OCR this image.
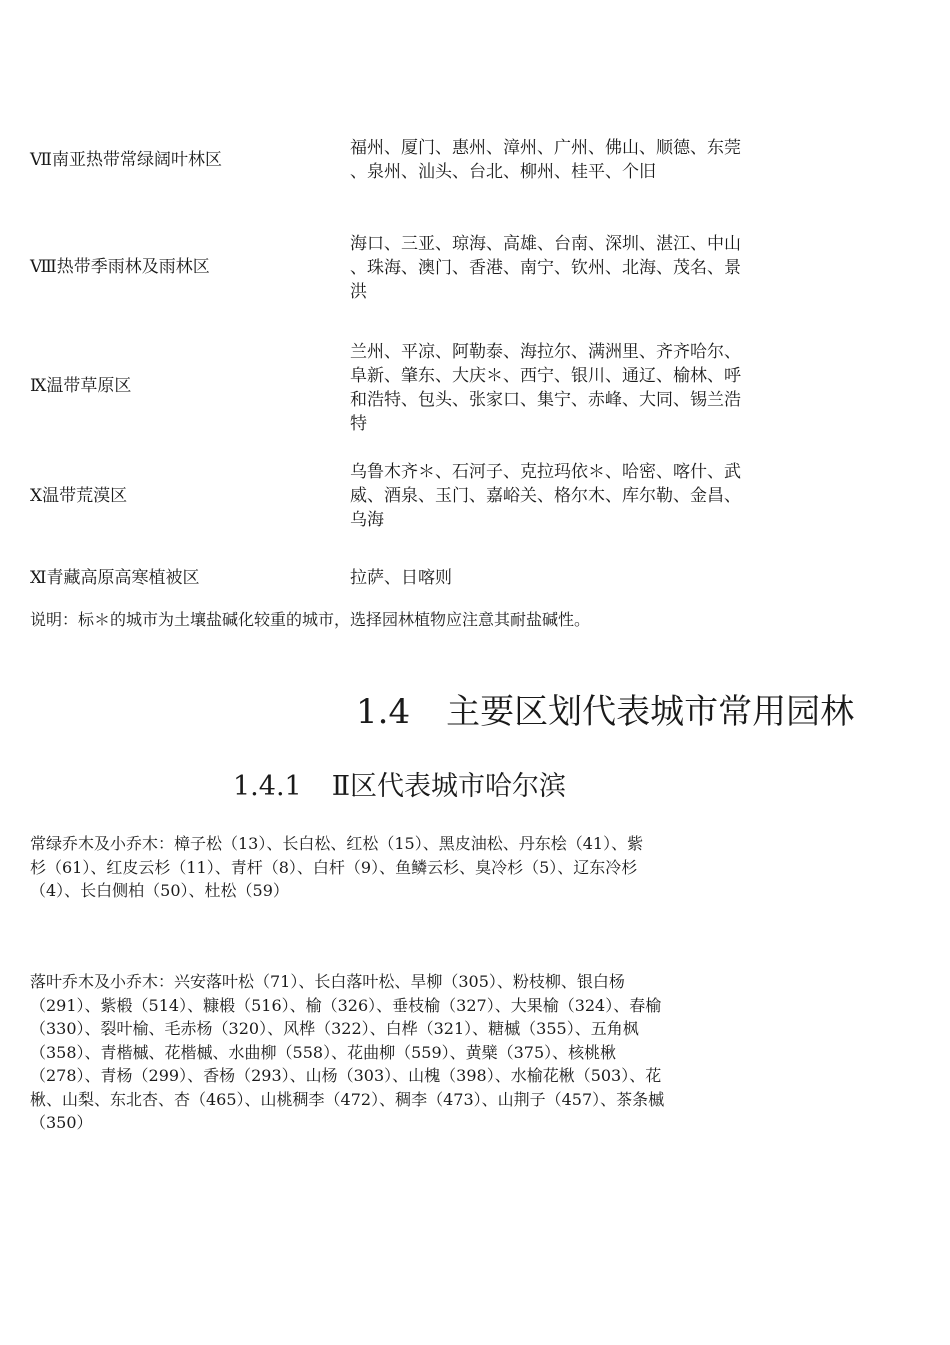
Ⅶ南亚热带常绿阔叶林区
福州、厦门、惠州、漳州、广州、佛山、顺德、东莞
、泉州、汕头、台北、柳州、桂平、个旧
Ⅷ热带季雨林及雨林区
海口、三亚、琼海、高雄、台南、深圳、湛江、中山
、珠海、澳门、香港、南宁、钦州、北海、茂名、景
洪
Ⅸ温带草原区
兰州、平凉、阿勒泰、海拉尔、满洲里、齐齐哈尔、
阜新、肇东、大庆＊、西宁、银川、通辽、榆林、呼
和浩特、包头、张家口、集宁、赤峰、大同、锡兰浩
特
Ⅹ温带荒漠区
乌鲁木齐＊、石河子、克拉玛依＊、哈密、喀什、武
威、酒泉、玉门、嘉峪关、格尔木、库尔勒、金昌、
乌海
Ⅺ青藏高原高寒植被区	拉萨、日喀则
说明：标＊的城市为土壤盐碱化较重的城市，选择园林植物应注意其耐盐碱性。
1.4 主要区划代表城市常用园林
1.4.1 Ⅱ区代表城市哈尔滨
常绿乔木及小乔木：樟子松（13）、长白松、红松（15）、黑皮油松、丹东桧（41）、紫
杉（61）、红皮云杉（11）、青杆（8）、白杆（9）、鱼鳞云杉、臭冷杉（5）、辽东冷杉
（4）、长白侧柏（50）、杜松（59）
落叶乔木及小乔木：兴安落叶松（71）、长白落叶松、旱柳（305）、粉枝柳、银白杨
（291）、紫椴（514）、糠椴（516）、榆（326）、垂枝榆（327）、大果榆（324）、春榆
（330）、裂叶榆、毛赤杨（320）、风桦（322）、白桦（321）、糖槭（355）、五角枫
（358）、青楷槭、花楷槭、水曲柳（558）、花曲柳（559）、黄檗（375）、核桃楸
（278）、青杨（299）、香杨（293）、山杨（303）、山槐（398）、水榆花楸（503）、花
楸、山梨、东北杏、杏（465）、山桃稠李（472）、稠李（473）、山荆子（457）、茶条槭
（350）
